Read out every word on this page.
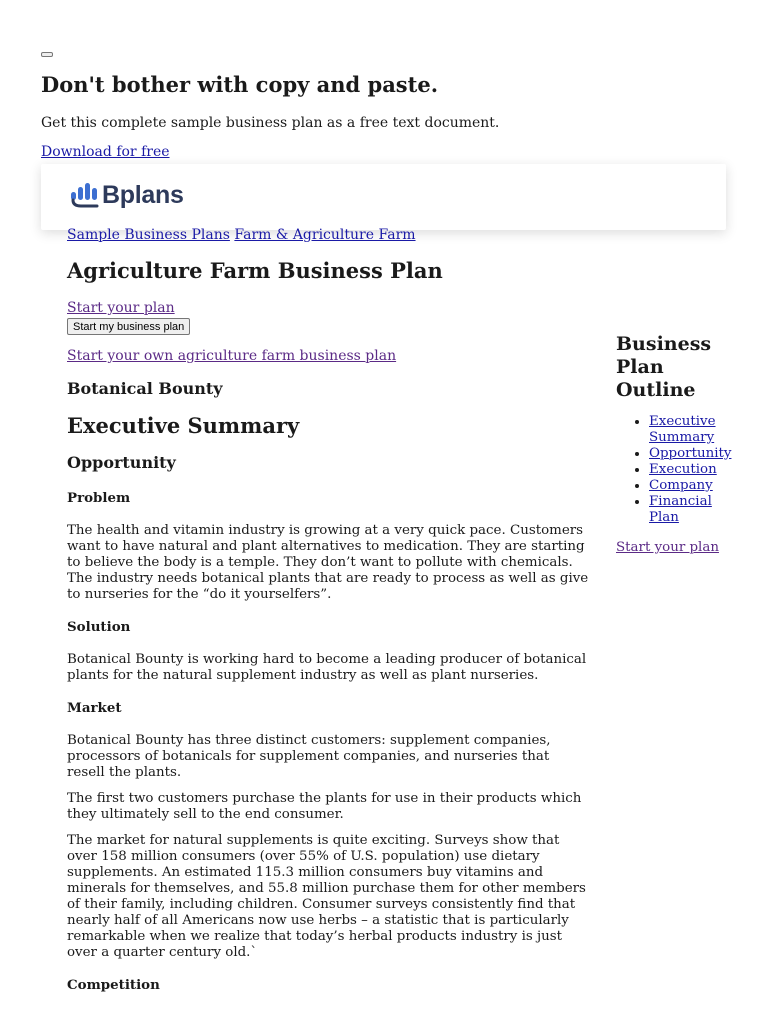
Don't bother with copy and paste.

Get this complete sample business plan as a free text document.

Download for free
Bplans
Sample Business Plans Farm & Agriculture Farm
Agriculture Farm Business Plan
Start your plan
Start my business plan
Start your own agriculture farm business plan
Botanical Bounty
Executive Summary
Opportunity
Problem

The health and vitamin industry is growing at a very quick pace. Customers want to have natural and plant alternatives to medication. They are starting to believe the body is a temple. They don’t want to pollute with chemicals. The industry needs botanical plants that are ready to process as well as give to nurseries for the “do it yourselfers”.

Solution

Botanical Bounty is working hard to become a leading producer of botanical plants for the natural supplement industry as well as plant nurseries.

Market

Botanical Bounty has three distinct customers: supplement companies, processors of botanicals for supplement companies, and nurseries that resell the plants.

The first two customers purchase the plants for use in their products which they ultimately sell to the end consumer.

The market for natural supplements is quite exciting. Surveys show that over 158 million consumers (over 55% of U.S. population) use dietary supplements. An estimated 115.3 million consumers buy vitamins and minerals for themselves, and 55.8 million purchase them for other members of their family, including children. Consumer surveys consistently find that nearly half of all Americans now use herbs – a statistic that is particularly remarkable when we realize that today’s herbal products industry is just over a quarter century old.`

Competition
Business Plan Outline
• Executive Summary
• Opportunity
• Execution
• Company
• Financial Plan
Start your plan
